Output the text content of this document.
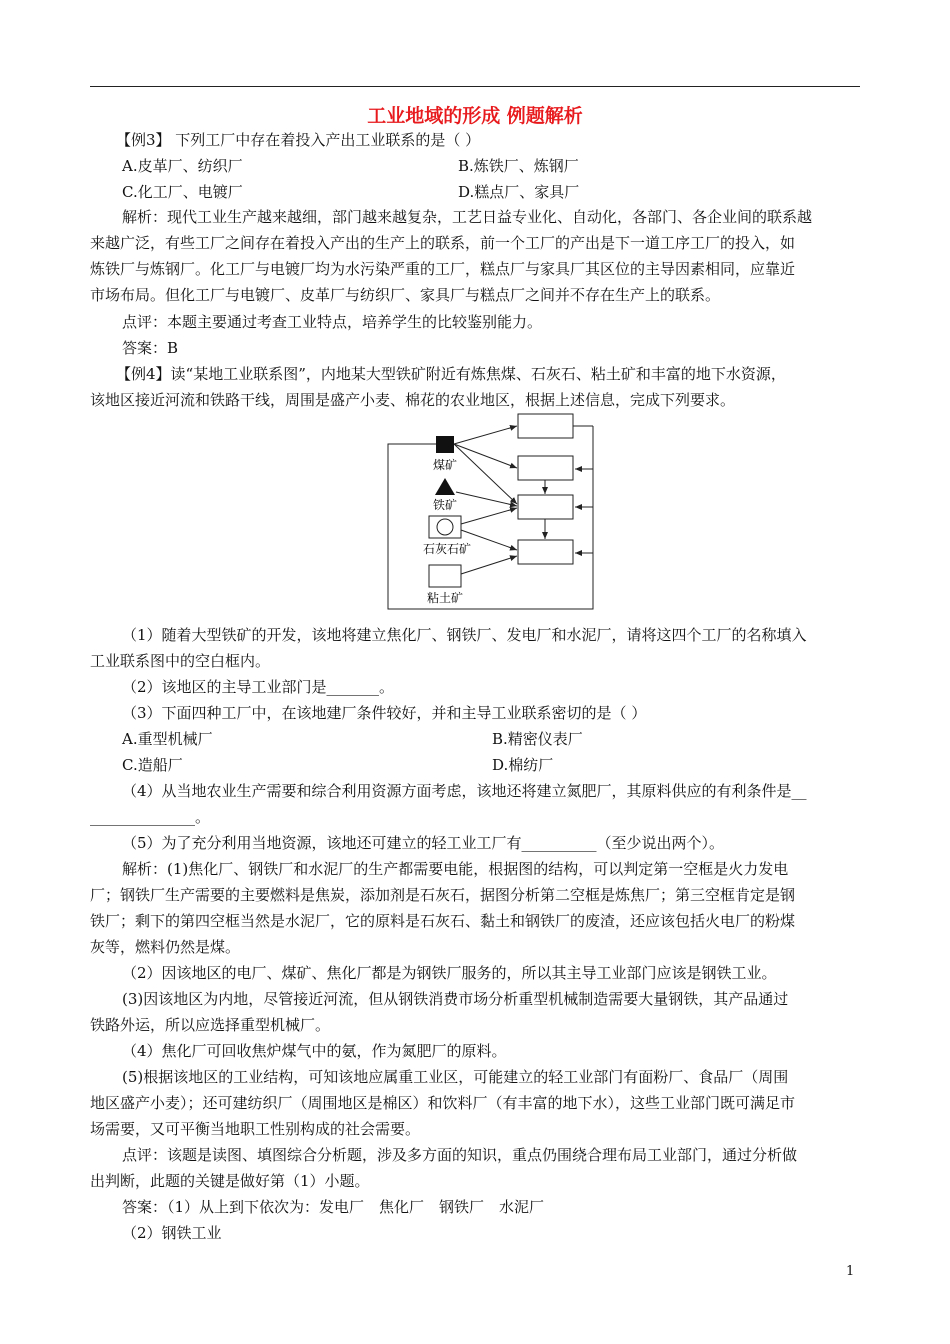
工业地域的形成 例题解析
【例3】 下列工厂中存在着投入产出工业联系的是（ ）
A.皮革厂、纺织厂	B.炼铁厂、炼钢厂
C.化工厂、电镀厂	D.糕点厂、家具厂
解析：现代工业生产越来越细，部门越来越复杂，工艺日益专业化、自动化，各部门、各企业间的联系越
来越广泛，有些工厂之间存在着投入产出的生产上的联系，前一个工厂的产出是下一道工序工厂的投入，如
炼铁厂与炼钢厂。化工厂与电镀厂均为水污染严重的工厂，糕点厂与家具厂其区位的主导因素相同，应靠近
市场布局。但化工厂与电镀厂、皮革厂与纺织厂、家具厂与糕点厂之间并不存在生产上的联系。
点评：本题主要通过考查工业特点，培养学生的比较鉴别能力。
答案：B
【例4】读“某地工业联系图”，内地某大型铁矿附近有炼焦煤、石灰石、粘土矿和丰富的地下水资源，
该地区接近河流和铁路干线，周围是盛产小麦、棉花的农业地区，根据上述信息，完成下列要求。
煤矿
铁矿
石灰石矿
粘土矿
（1）随着大型铁矿的开发，该地将建立焦化厂、钢铁厂、发电厂和水泥厂，请将这四个工厂的名称填入
工业联系图中的空白框内。
（2）该地区的主导工业部门是_______。
（3）下面四种工厂中，在该地建厂条件较好，并和主导工业联系密切的是（ ）
A.重型机械厂	B.精密仪表厂
C.造船厂	D.棉纺厂
（4）从当地农业生产需要和综合利用资源方面考虑，该地还将建立氮肥厂，其原料供应的有利条件是__
______________。
（5）为了充分利用当地资源，该地还可建立的轻工业工厂有__________（至少说出两个）。
解析：(1)焦化厂、钢铁厂和水泥厂的生产都需要电能，根据图的结构，可以判定第一空框是火力发电
厂；钢铁厂生产需要的主要燃料是焦炭，添加剂是石灰石，据图分析第二空框是炼焦厂；第三空框肯定是钢
铁厂；剩下的第四空框当然是水泥厂，它的原料是石灰石、黏土和钢铁厂的废渣，还应该包括火电厂的粉煤
灰等，燃料仍然是煤。
（2）因该地区的电厂、煤矿、焦化厂都是为钢铁厂服务的，所以其主导工业部门应该是钢铁工业。
(3)因该地区为内地，尽管接近河流，但从钢铁消费市场分析重型机械制造需要大量钢铁，其产品通过
铁路外运，所以应选择重型机械厂。
（4）焦化厂可回收焦炉煤气中的氨，作为氮肥厂的原料。
(5)根据该地区的工业结构，可知该地应属重工业区，可能建立的轻工业部门有面粉厂、食品厂（周围
地区盛产小麦）；还可建纺织厂（周围地区是棉区）和饮料厂（有丰富的地下水），这些工业部门既可满足市
场需要，又可平衡当地职工性别构成的社会需要。
点评：该题是读图、填图综合分析题，涉及多方面的知识，重点仍围绕合理布局工业部门，通过分析做
出判断，此题的关键是做好第（1）小题。
答案：（1）从上到下依次为：发电厂　焦化厂　钢铁厂　水泥厂
（2）钢铁工业
1
